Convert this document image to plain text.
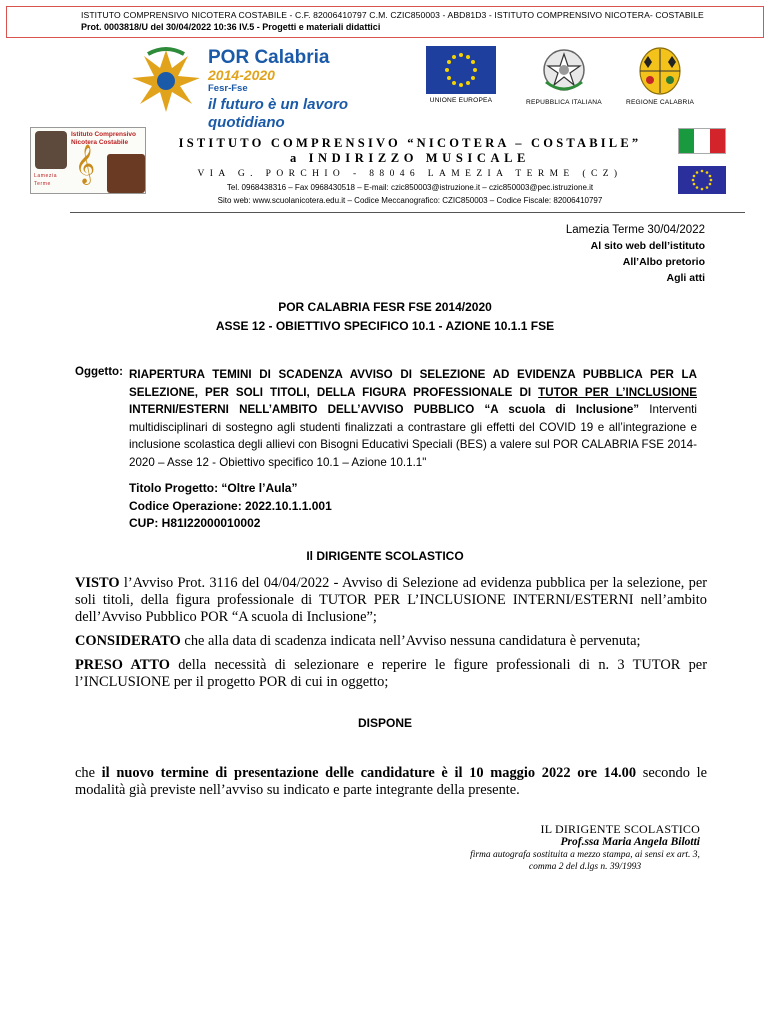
ISTITUTO COMPRENSIVO NICOTERA COSTABILE - C.F. 82006410797 C.M. CZIC850003 - ABD81D3 - ISTITUTO COMPRENSIVO NICOTERA- COSTABILE
Prot. 0003818/U del 30/04/2022 10:36 IV.5 - Progetti e materiali didattici
POR Calabria
2014-2020
Fesr-Fse
il futuro è un lavoro quotidiano
UNIONE EUROPEA	REPUBBLICA ITALIANA	REGIONE CALABRIA
Istituto Comprensivo
Nicotera Costabile
𝄞
Lamezia
Terme
ISTITUTO COMPRENSIVO “NICOTERA – COSTABILE”
a INDIRIZZO MUSICALE
VIA G. PORCHIO - 88046 LAMEZIA TERME (CZ)
Tel. 0968438316 – Fax 0968430518 – E-mail: czic850003@istruzione.it – czic850003@pec.istruzione.it
Sito web: www.scuolanicotera.edu.it – Codice Meccanografico: CZIC850003 – Codice Fiscale: 82006410797
Lamezia Terme 30/04/2022
Al sito web dell’istituto
All’Albo pretorio
Agli atti
POR CALABRIA FESR FSE 2014/2020
ASSE 12 - OBIETTIVO SPECIFICO 10.1 - AZIONE 10.1.1 FSE
Oggetto: RIAPERTURA TEMINI DI SCADENZA AVVISO DI SELEZIONE AD EVIDENZA PUBBLICA PER LA SELEZIONE, PER SOLI TITOLI, DELLA FIGURA PROFESSIONALE DI TUTOR PER L’INCLUSIONE INTERNI/ESTERNI NELL’AMBITO DELL’AVVISO PUBBLICO “A scuola di Inclusione” Interventi multidisciplinari di sostegno agli studenti finalizzati a contrastare gli effetti del COVID 19 e all’integrazione e inclusione scolastica degli allievi con Bisogni Educativi Speciali (BES) a valere sul POR CALABRIA FSE 2014-2020 – Asse 12 - Obiettivo specifico 10.1 – Azione 10.1.1"
Titolo Progetto: “Oltre l’Aula”
Codice Operazione: 2022.10.1.1.001
CUP: H81I22000010002
Il DIRIGENTE SCOLASTICO
VISTO l’Avviso Prot. 3116 del 04/04/2022 - Avviso di Selezione ad evidenza pubblica per la selezione, per soli titoli, della figura professionale di TUTOR PER L’INCLUSIONE INTERNI/ESTERNI nell’ambito dell’Avviso Pubblico POR “A scuola di Inclusione”;
CONSIDERATO che alla data di scadenza indicata nell’Avviso nessuna candidatura è pervenuta;
PRESO ATTO della necessità di selezionare e reperire le figure professionali di n. 3 TUTOR per l’INCLUSIONE per il progetto POR di cui in oggetto;
DISPONE
che il nuovo termine di presentazione delle candidature è il 10 maggio 2022 ore 14.00 secondo le modalità già previste nell’avviso su indicato e parte integrante della presente.
IL DIRIGENTE SCOLASTICO
Prof.ssa Maria Angela Bilotti
firma autografa sostituita a mezzo stampa, ai sensi ex art. 3, comma 2 del d.lgs n. 39/1993
